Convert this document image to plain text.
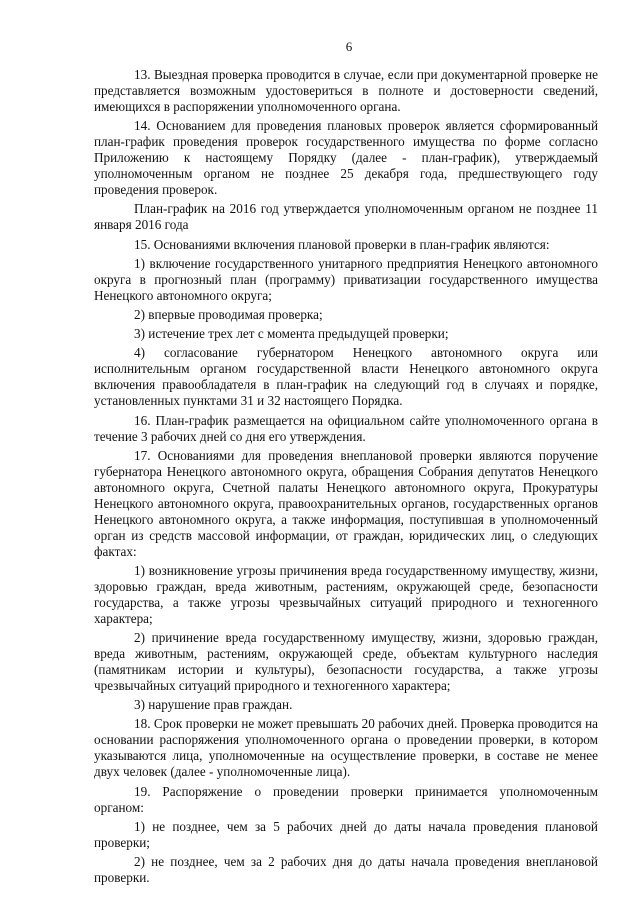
6

13. Выездная проверка проводится в случае, если при документарной проверке не представляется возможным удостовериться в полноте и достоверности сведений, имеющихся в распоряжении уполномоченного органа.

14. Основанием для проведения плановых проверок является сформированный план-график проведения проверок государственного имущества по форме согласно Приложению к настоящему Порядку (далее - план-график), утверждаемый уполномоченным органом не позднее 25 декабря года, предшествующего году проведения проверок.

План-график на 2016 год утверждается уполномоченным органом не позднее 11 января 2016 года

15. Основаниями включения плановой проверки в план-график являются:

1) включение государственного унитарного предприятия Ненецкого автономного округа в прогнозный план (программу) приватизации государственного имущества Ненецкого автономного округа;

2) впервые проводимая проверка;

3) истечение трех лет с момента предыдущей проверки;

4) согласование губернатором Ненецкого автономного округа или исполнительным органом государственной власти Ненецкого автономного округа включения правообладателя в план-график на следующий год в случаях и порядке, установленных пунктами 31 и 32 настоящего Порядка.

16. План-график размещается на официальном сайте уполномоченного органа в течение 3 рабочих дней со дня его утверждения.

17. Основаниями для проведения внеплановой проверки являются поручение губернатора Ненецкого автономного округа, обращения Собрания депутатов Ненецкого автономного округа, Счетной палаты Ненецкого автономного округа, Прокуратуры Ненецкого автономного округа, правоохранительных органов, государственных органов Ненецкого автономного округа, а также информация, поступившая в уполномоченный орган из средств массовой информации, от граждан, юридических лиц, о следующих фактах:

1) возникновение угрозы причинения вреда государственному имуществу, жизни, здоровью граждан, вреда животным, растениям, окружающей среде, безопасности государства, а также угрозы чрезвычайных ситуаций природного и техногенного характера;

2) причинение вреда государственному имуществу, жизни, здоровью граждан, вреда животным, растениям, окружающей среде, объектам культурного наследия (памятникам истории и культуры), безопасности государства, а также угрозы чрезвычайных ситуаций природного и техногенного характера;

3) нарушение прав граждан.

18. Срок проверки не может превышать 20 рабочих дней. Проверка проводится на основании распоряжения уполномоченного органа о проведении проверки, в котором указываются лица, уполномоченные на осуществление проверки, в составе не менее двух человек (далее - уполномоченные лица).

19. Распоряжение о проведении проверки принимается уполномоченным органом:

1) не позднее, чем за 5 рабочих дней до даты начала проведения плановой проверки;

2) не позднее, чем за 2 рабочих дня до даты начала проведения внеплановой проверки.
